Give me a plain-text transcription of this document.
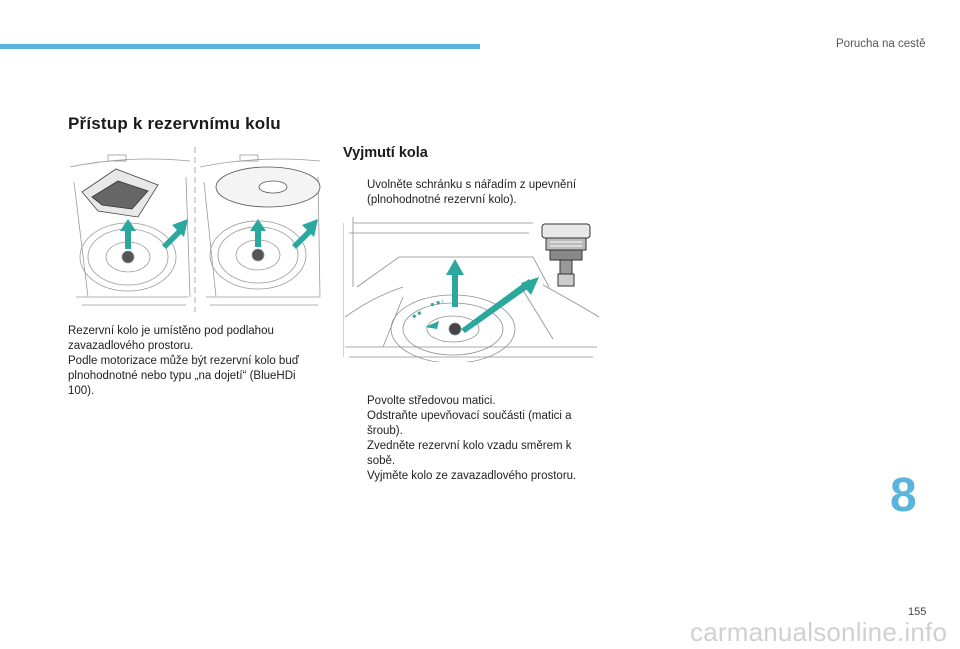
Porucha na cestě
Přístup k rezervnímu kolu

Rezervní kolo je umístěno pod podlahou zavazadlového prostoru.

Podle motorizace může být rezervní kolo buď plnohodnotné nebo typu „na dojetí“ (BlueHDi 100).

Vyjmutí kola
Uvolněte schránku s nářadím z upevnění (plnohodnotné rezervní kolo).
Povolte středovou matici.
Odstraňte upevňovací součásti (matici a šroub).
Zvedněte rezervní kolo vzadu směrem k sobě.
Vyjměte kolo ze zavazadlového prostoru.	8
155
carmanualsonline.info
